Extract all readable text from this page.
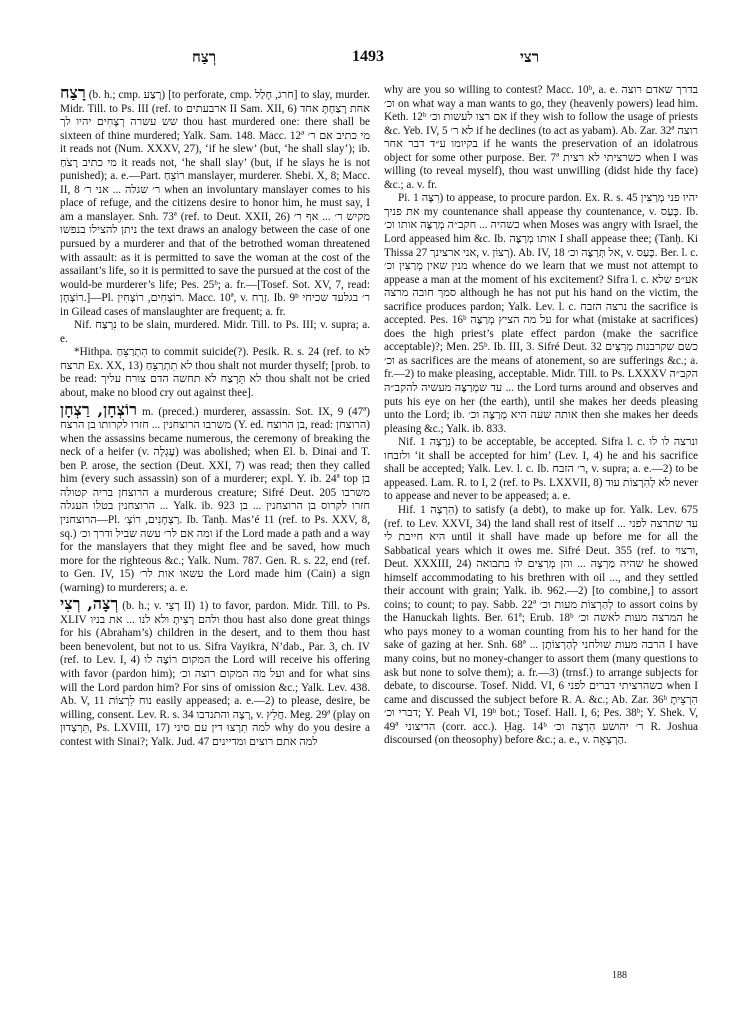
רְצַח	1493	רצי

רָצַח (b. h.; cmp. רָצַע) [to perforate, cmp. חרג, חָלַל] to slay, murder. Midr. Till. to Ps. III (ref. to ארבעתים II Sam. XII, 6) אחת רָצַחְתָּ אחד שש עשרה רְצָחִים יהיו לך thou hast murdered one: there shall be sixteen of thine murdered; Yalk. Sam. 148. Macc. 12ª מי כתיב אם ר׳ it reads not (Num. XXXV, 27), ‘if he slew’ (but, ‘he shall slay’); ib. מי כתיב רָצֹחַ it reads not, ‘he shall slay’ (but, if he slays he is not punished); a. e.—Part. רוֹצֵחַ manslayer, murderer. Shebi. X, 8; Macc. II, 8 ר׳ שגלה ... אני ר׳ when an involuntary manslayer comes to his place of refuge, and the citizens desire to honor him, he must say, I am a manslayer. Snh. 73ª (ref. to Deut. XXII, 26) מקיש ר׳ ... אף ר׳ ניתן להצילו בנפשו the text draws an analogy between the case of one pursued by a murderer and that of the betrothed woman threatened with assault: as it is permitted to save the woman at the cost of the assailant’s life, so it is permitted to save the pursued at the cost of the would-be murderer’s life; Pes. 25ᵇ; a. fr.—[Tosef. Sot. XV, 7, read: רוֹצְחָן.]—Pl. רוֹצְחִים, רוֹצְחִין. Macc. 10ª, v. זָרַח. Ib. 9ᵇ ר׳ בגלעד שכיחי in Gilead cases of manslaughter are frequent; a. fr.

Nif. נִרְצַח to be slain, murdered. Midr. Till. to Ps. III; v. supra; a. e.

*Hithpa. הִתְרַצֵּחַ to commit suicide(?). Pesik. R. s. 24 (ref. to לא תרצח Ex. XX, 13) לא תִתְרַצֵּחַ thou shalt not murder thyself; [prob. to be read: לא תֵּרָצַח לא תחשה הדם צורח עליך thou shalt not be cried about, make no blood cry out against thee].

רוֹצְחָן, רַצְחָן m. (preced.) murderer, assassin. Sot. IX, 9 (47ª) משרבו הרוצחנין ... חזרו לקרותו בן הרצח (Y. ed. בן הרוצח, read: הרוצחן) when the assassins became numerous, the ceremony of breaking the neck of a heifer (v. עֶגְלָה) was abolished; when El. b. Dinai and T. ben P. arose, the section (Deut. XXI, 7) was read; then they called him (every such assassin) son of a murderer; expl. Y. ib. 24ª top בן הרוצחן בריה קטולה a murderous creature; Sifré Deut. 205 משרבו הרוצחנין בטלו העגלה ... Yalk. ib. 923 חזרו לקרוס בן הרוצחנין ... בן הרוצחנין—Pl. רַצְחָנִים, רוֹצְ׳. Ib. Tanḥ. Mas’é 11 (ref. to Ps. XXV, 8, sq.) ומה אם לר׳ עשה שביל ודרך וכ׳ if the Lord made a path and a way for the manslayers that they might flee and be saved, how much more for the righteous &c.; Yalk. Num. 787. Gen. R. s. 22, end (ref. to Gen. IV, 15) עשאו אות לר׳ the Lord made him (Cain) a sign (warning) to murderers; a. e.

רְצָה, רְצִי (b. h.; v. רְצֵי II) 1) to favor, pardon. Midr. Till. to Ps. XLIV ולהם רָצִיתָ ולא לנו ... את בניו thou hast also done great things for his (Abraham’s) children in the desert, and to them thou hast been benevolent, but not to us. Sifra Vayikra, N’dab., Par. 3, ch. IV (ref. to Lev. I, 4) המקום רוֹצֶה לו the Lord will receive his offering with favor (pardon him); ועל מה המקום רוצה וכ׳ and for what sins will the Lord pardon him? For sins of omission &c.; Yalk. Lev. 438. Ab. V, 11 נוח לִרְצוֹת easily appeased; a. e.—2) to please, desire, be willing, consent. Lev. R. s. 34 רְצָה והתנדבו, v. חֲלֵץ. Meg. 29ª (play on תִּרְצְדוּן, Ps. LXVIII, 17) למה תִרְצוּ דין עם סיני why do you desire a contest with Sinai?; Yalk. Jud. 47 למה אתם רוצים ומדיינים

why are you so willing to contest? Macc. 10ᵇ, a. e. בדרך שאדם רוצה וכ׳ on what way a man wants to go, they (heavenly powers) lead him. Keth. 12ᵇ אם רצו לעשות וכ׳ if they wish to follow the usage of priests &c. Yeb. IV, 5 לא ר׳ if he declines (to act as yabam). Ab. Zar. 32ª רוצה בקיומו ע״ד דבר אחר if he wants the preservation of an idolatrous object for some other purpose. Ber. 7ª כשרציתי לא רצית when I was willing (to reveal myself), thou wast unwilling (didst hide thy face) &c.; a. v. fr.

Pi. רִצָּה 1) to appease, to procure pardon. Ex. R. s. 45 יהיו פני מְרַצִּין את פניך my countenance shall appease thy countenance, v. כָּעַס. Ib. כשהיה ... חקב״ה מְרַצֶּה אותו וכ׳ when Moses was angry with Israel, the Lord appeased him &c. Ib. אותו מְרַצֶּה I shall appease thee; (Tanḥ. Ki Thissa 27 אני ארצינך, v. רְצוֹן). Ab. IV, 18 אל תְּרַצֶּה וכ׳, v. כָּעַס. Ber. l. c. מנין שאין מְרַצִּין וכ׳ whence do we learn that we must not attempt to appease a man at the moment of his excitement? Sifra l. c. אע״פ שלא סמך חובה מרצה although he has not put his hand on the victim, the sacrifice produces pardon; Yalk. Lev. l. c. נרצה הזבח the sacrifice is accepted. Pes. 16ᵇ על מה הציץ מְרַצֶּה for what (mistake at sacrifices) does the high priest’s plate effect pardon (make the sacrifice acceptable)?; Men. 25ᵇ. Ib. III, 3. Sifré Deut. 32 כשם שקרבנות מְרַצִּים וכ׳ as sacrifices are the means of atonement, so are sufferings &c.; a. fr.—2) to make pleasing, acceptable. Midr. Till. to Ps. LXXXV הקב״ה ... עד שמְרַצֶּה מעשיה להקב״ה the Lord turns around and observes and puts his eye on her (the earth), until she makes her deeds pleasing unto the Lord; ib. אותה שעה היא מְרַצָּה וכ׳ then she makes her deeds pleasing &c.; Yalk. ib. 833.

Nif. נִרְצָה 1) to be acceptable, be accepted. Sifra l. c. ונרצה לו לו ולזבחו ‘it shall be accepted for him’ (Lev. I, 4) he and his sacrifice shall be accepted; Yalk. Lev. l. c. Ib. ר׳ הזבח, v. supra; a. e.—2) to be appeased. Lam. R. to I, 2 (ref. to Ps. LXXVII, 8) לא לְהִרָצוֹת עוד never to appease and never to be appeased; a. e.

Hif. הִרְצָה 1) to satisfy (a debt), to make up for. Yalk. Lev. 675 (ref. to Lev. XXVI, 34) the land shall rest of itself עד שתרצה לפני ... היא חייבת לי until it shall have made up before me for all the Sabbatical years which it owes me. Sifré Deut. 355 (ref. to ורצוי, Deut. XXXIII, 24) שהיה מַרְצָה ... והן מְרַצִּים לו בתבואה he showed himself accommodating to his brethren with oil ..., and they settled their account with grain; Yalk. ib. 962.—2) [to combine,] to assort coins; to count; to pay. Sabb. 22ª לְהַרְצוֹת מעות וכ׳ to assort coins by the Hanuckah lights. Ber. 61ª; Erub. 18ᵇ המרצה מעות לאשה וכ׳ he who pays money to a woman counting from his to her hand for the sake of gazing at her. Snh. 68ª ... הרבה מעות שולחני לְהַרְצוֹתָן I have many coins, but no money-changer to assort them (many questions to ask but none to solve them); a. fr.—3) (trnsf.) to arrange subjects for debate, to discourse. Tosef. Nidd. VI, 6 כשהרציתי דברים לפני when I came and discussed the subject before R. A. &c.; Ab. Zar. 36ᵇ הִרְצֵיתָ דברי וכ׳; Y. Peah VI, 19ᵇ bot.; Tosef. Hall. I, 6; Pes. 38ᵇ; Y. Shek. V, 49ª הריצוני (corr. acc.). Ḥag. 14ᵇ ר׳ יהושע הִרְצָה וכ׳ R. Joshua discoursed (on theosophy) before &c.; a. e., v. הַרְצָאָה.

188
